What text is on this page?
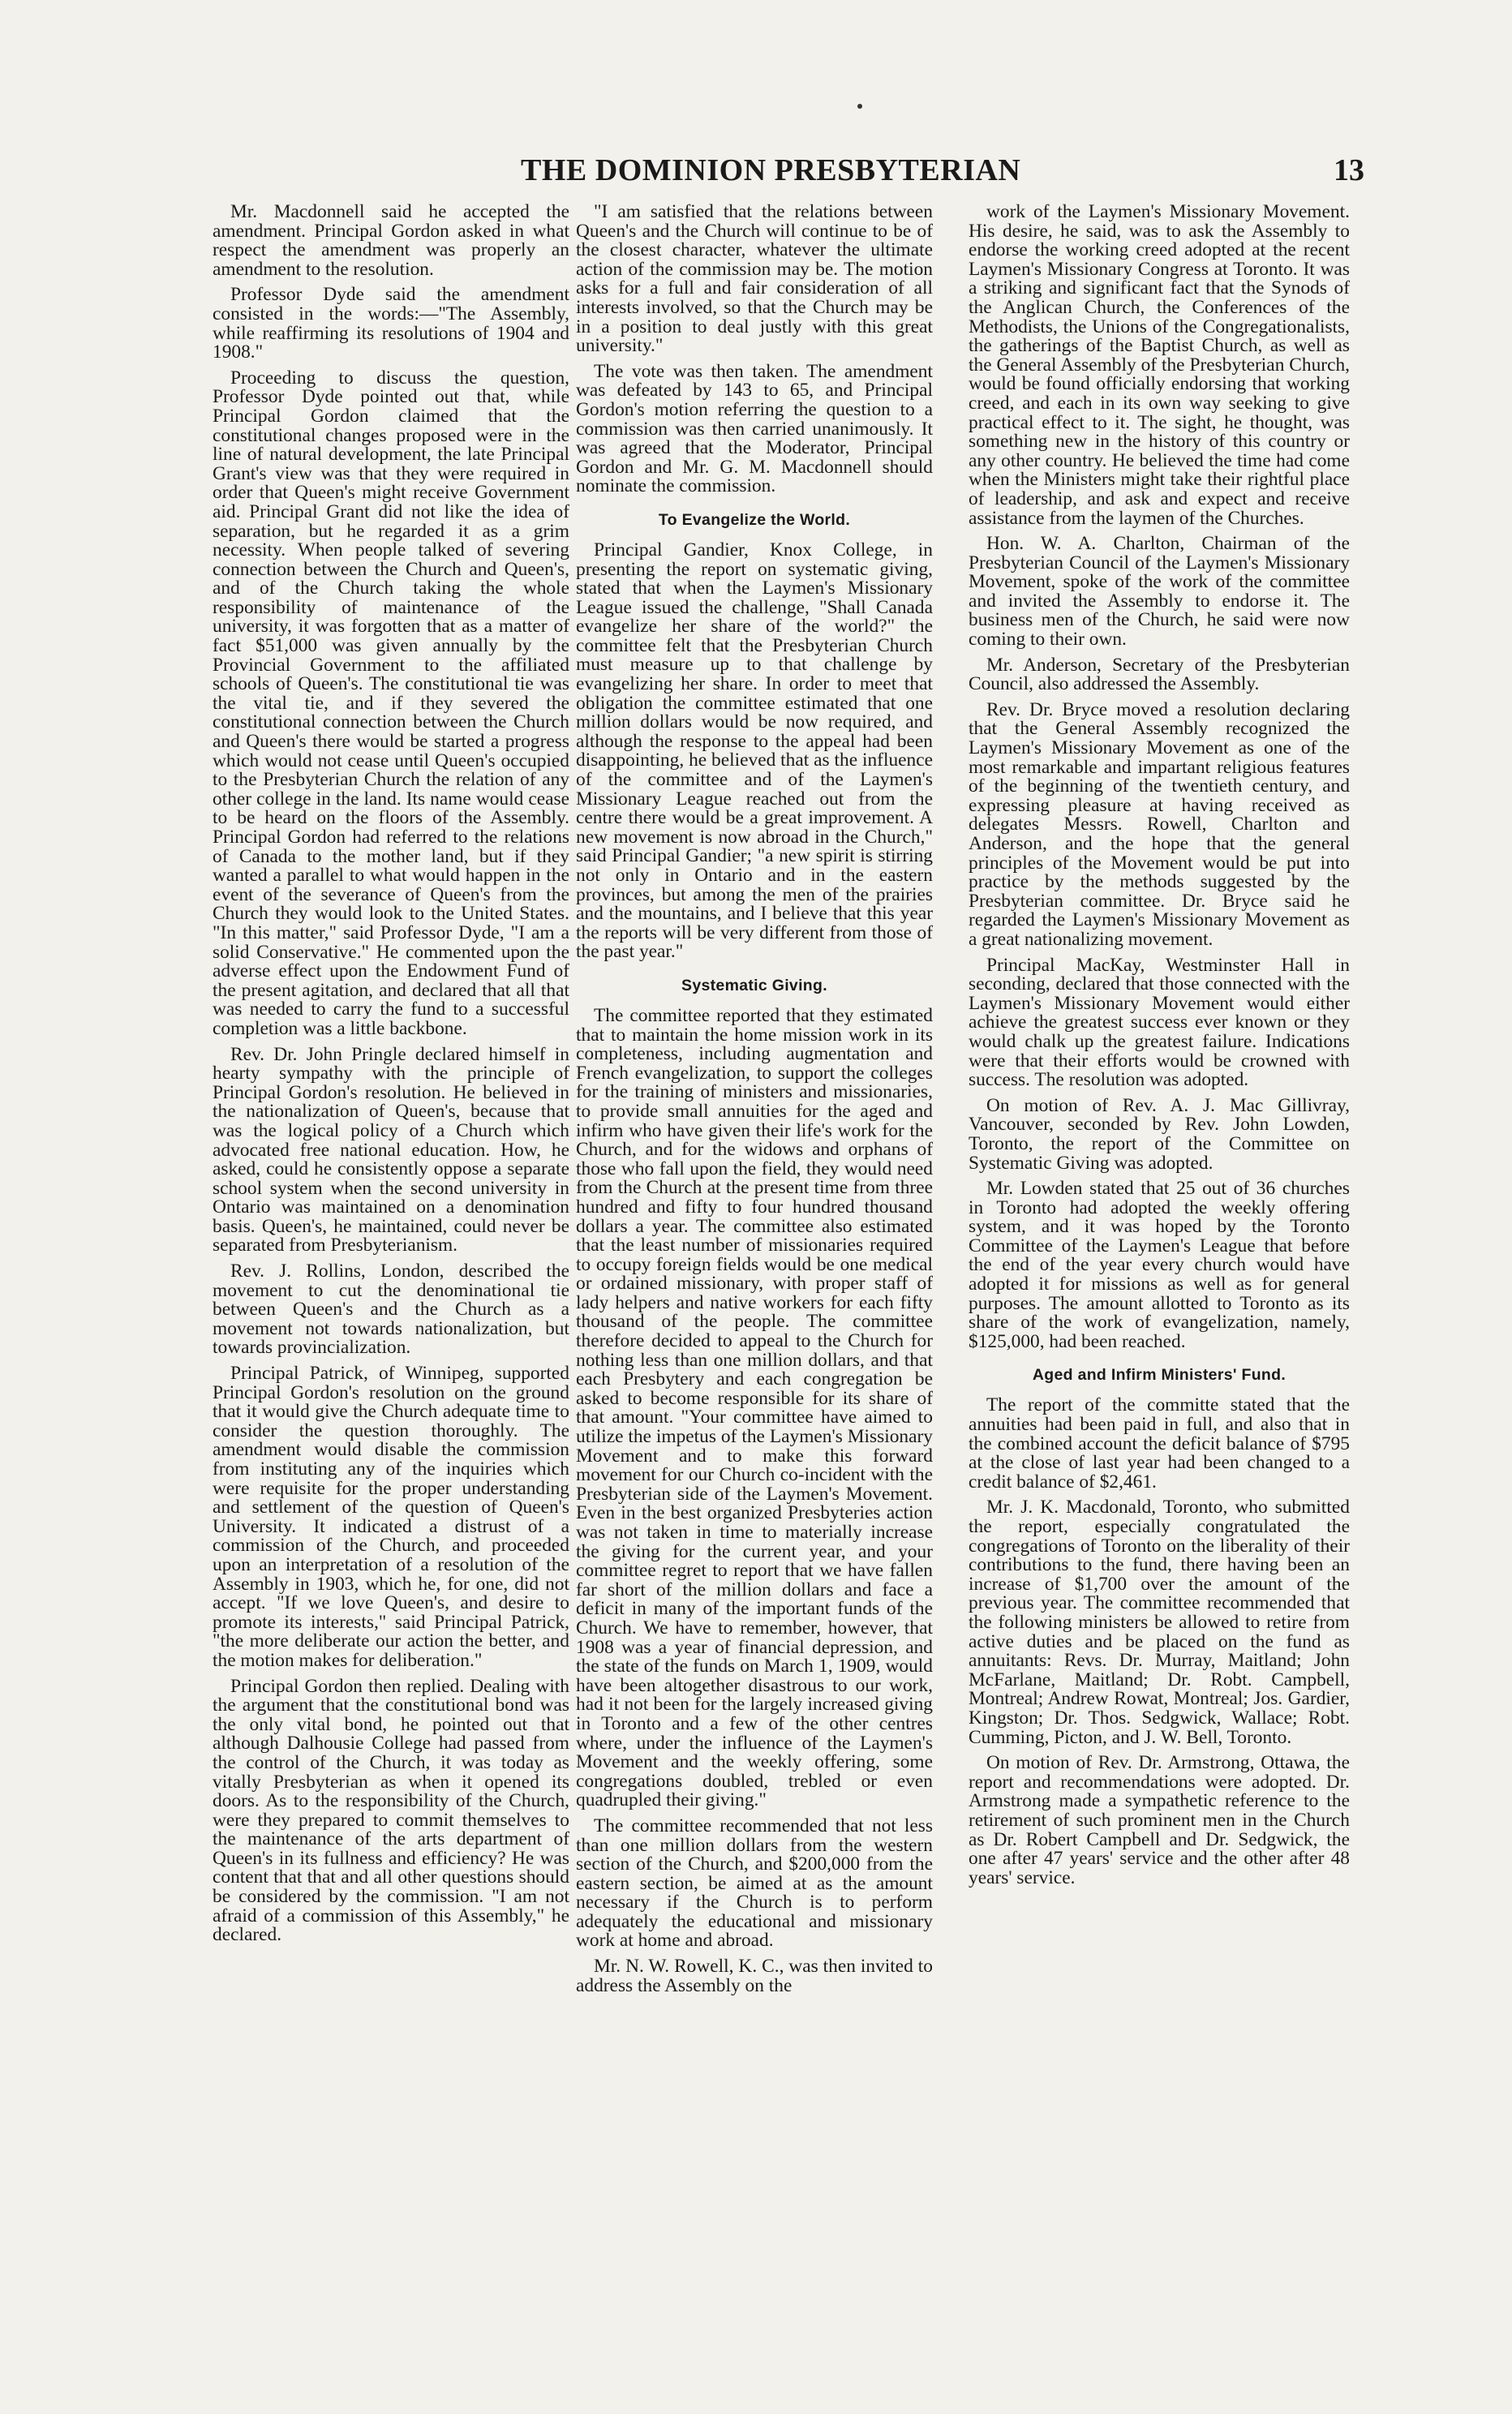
THE DOMINION PRESBYTERIAN	13

Mr. Macdonnell said he accepted the amendment. Principal Gordon asked in what respect the amendment was properly an amendment to the resolution.

Professor Dyde said the amendment consisted in the words:—"The Assembly, while reaffirming its resolutions of 1904 and 1908."

Proceeding to discuss the question, Professor Dyde pointed out that, while Principal Gordon claimed that the constitutional changes proposed were in the line of natural development, the late Principal Grant's view was that they were required in order that Queen's might receive Government aid. Principal Grant did not like the idea of separation, but he regarded it as a grim necessity. When people talked of severing connection between the Church and Queen's, and of the Church taking the whole responsibility of maintenance of the university, it was forgotten that as a matter of fact $51,000 was given annually by the Provincial Government to the affiliated schools of Queen's. The constitutional tie was the vital tie, and if they severed the constitutional connection between the Church and Queen's there would be started a progress which would not cease until Queen's occupied to the Presbyterian Church the relation of any other college in the land. Its name would cease to be heard on the floors of the Assembly. Principal Gordon had referred to the relations of Canada to the mother land, but if they wanted a parallel to what would happen in the event of the severance of Queen's from the Church they would look to the United States. "In this matter," said Professor Dyde, "I am a solid Conservative." He commented upon the adverse effect upon the Endowment Fund of the present agitation, and declared that all that was needed to carry the fund to a successful completion was a little backbone.

Rev. Dr. John Pringle declared himself in hearty sympathy with the principle of Principal Gordon's resolution. He believed in the nationalization of Queen's, because that was the logical policy of a Church which advocated free national education. How, he asked, could he consistently oppose a separate school system when the second university in Ontario was maintained on a denomination basis. Queen's, he maintained, could never be separated from Presbyterianism.

Rev. J. Rollins, London, described the movement to cut the denominational tie between Queen's and the Church as a movement not towards nationalization, but towards provincialization.

Principal Patrick, of Winnipeg, supported Principal Gordon's resolution on the ground that it would give the Church adequate time to consider the question thoroughly. The amendment would disable the commission from instituting any of the inquiries which were requisite for the proper understanding and settlement of the question of Queen's University. It indicated a distrust of a commission of the Church, and proceeded upon an interpretation of a resolution of the Assembly in 1903, which he, for one, did not accept. "If we love Queen's, and desire to promote its interests," said Principal Patrick, "the more deliberate our action the better, and the motion makes for deliberation."

Principal Gordon then replied. Dealing with the argument that the constitutional bond was the only vital bond, he pointed out that although Dalhousie College had passed from the control of the Church, it was today as vitally Presbyterian as when it opened its doors. As to the responsibility of the Church, were they prepared to commit themselves to the maintenance of the arts department of Queen's in its fullness and efficiency? He was content that that and all other questions should be considered by the commission. "I am not afraid of a commission of this Assembly," he declared.

"I am satisfied that the relations between Queen's and the Church will continue to be of the closest character, whatever the ultimate action of the commission may be. The motion asks for a full and fair consideration of all interests involved, so that the Church may be in a position to deal justly with this great university."

The vote was then taken. The amendment was defeated by 143 to 65, and Principal Gordon's motion referring the question to a commission was then carried unanimously. It was agreed that the Moderator, Principal Gordon and Mr. G. M. Macdonnell should nominate the commission.

To Evangelize the World.

Principal Gandier, Knox College, in presenting the report on systematic giving, stated that when the Laymen's Missionary League issued the challenge, "Shall Canada evangelize her share of the world?" the committee felt that the Presbyterian Church must measure up to that challenge by evangelizing her share. In order to meet that obligation the committee estimated that one million dollars would be now required, and although the response to the appeal had been disappointing, he believed that as the influence of the committee and of the Laymen's Missionary League reached out from the centre there would be a great improvement. A new movement is now abroad in the Church," said Principal Gandier; "a new spirit is stirring not only in Ontario and in the eastern provinces, but among the men of the prairies and the mountains, and I believe that this year the reports will be very different from those of the past year."

Systematic Giving.

The committee reported that they estimated that to maintain the home mission work in its completeness, including augmentation and French evangelization, to support the colleges for the training of ministers and missionaries, to provide small annuities for the aged and infirm who have given their life's work for the Church, and for the widows and orphans of those who fall upon the field, they would need from the Church at the present time from three hundred and fifty to four hundred thousand dollars a year. The committee also estimated that the least number of missionaries required to occupy foreign fields would be one medical or ordained missionary, with proper staff of lady helpers and native workers for each fifty thousand of the people. The committee therefore decided to appeal to the Church for nothing less than one million dollars, and that each Presbytery and each congregation be asked to become responsible for its share of that amount. "Your committee have aimed to utilize the impetus of the Laymen's Missionary Movement and to make this forward movement for our Church co-incident with the Presbyterian side of the Laymen's Movement. Even in the best organized Presbyteries action was not taken in time to materially increase the giving for the current year, and your committee regret to report that we have fallen far short of the million dollars and face a deficit in many of the important funds of the Church. We have to remember, however, that 1908 was a year of financial depression, and the state of the funds on March 1, 1909, would have been altogether disastrous to our work, had it not been for the largely increased giving in Toronto and a few of the other centres where, under the influence of the Laymen's Movement and the weekly offering, some congregations doubled, trebled or even quadrupled their giving."

The committee recommended that not less than one million dollars from the western section of the Church, and $200,000 from the eastern section, be aimed at as the amount necessary if the Church is to perform adequately the educational and missionary work at home and abroad.

Mr. N. W. Rowell, K. C., was then invited to address the Assembly on the

work of the Laymen's Missionary Movement. His desire, he said, was to ask the Assembly to endorse the working creed adopted at the recent Laymen's Missionary Congress at Toronto. It was a striking and significant fact that the Synods of the Anglican Church, the Conferences of the Methodists, the Unions of the Congregationalists, the gatherings of the Baptist Church, as well as the General Assembly of the Presbyterian Church, would be found officially endorsing that working creed, and each in its own way seeking to give practical effect to it. The sight, he thought, was something new in the history of this country or any other country. He believed the time had come when the Ministers might take their rightful place of leadership, and ask and expect and receive assistance from the laymen of the Churches.

Hon. W. A. Charlton, Chairman of the Presbyterian Council of the Laymen's Missionary Movement, spoke of the work of the committee and invited the Assembly to endorse it. The business men of the Church, he said were now coming to their own.

Mr. Anderson, Secretary of the Presbyterian Council, also addressed the Assembly.

Rev. Dr. Bryce moved a resolution declaring that the General Assembly recognized the Laymen's Missionary Movement as one of the most remarkable and impartant religious features of the beginning of the twentieth century, and expressing pleasure at having received as delegates Messrs. Rowell, Charlton and Anderson, and the hope that the general principles of the Movement would be put into practice by the methods suggested by the Presbyterian committee. Dr. Bryce said he regarded the Laymen's Missionary Movement as a great nationalizing movement.

Principal MacKay, Westminster Hall in seconding, declared that those connected with the Laymen's Missionary Movement would either achieve the greatest success ever known or they would chalk up the greatest failure. Indications were that their efforts would be crowned with success. The resolution was adopted.

On motion of Rev. A. J. Mac Gillivray, Vancouver, seconded by Rev. John Lowden, Toronto, the report of the Committee on Systematic Giving was adopted.

Mr. Lowden stated that 25 out of 36 churches in Toronto had adopted the weekly offering system, and it was hoped by the Toronto Committee of the Laymen's League that before the end of the year every church would have adopted it for missions as well as for general purposes. The amount allotted to Toronto as its share of the work of evangelization, namely, $125,000, had been reached.

Aged and Infirm Ministers' Fund.

The report of the committe stated that the annuities had been paid in full, and also that in the combined account the deficit balance of $795 at the close of last year had been changed to a credit balance of $2,461.

Mr. J. K. Macdonald, Toronto, who submitted the report, especially congratulated the congregations of Toronto on the liberality of their contributions to the fund, there having been an increase of $1,700 over the amount of the previous year. The committee recommended that the following ministers be allowed to retire from active duties and be placed on the fund as annuitants: Revs. Dr. Murray, Maitland; John McFarlane, Maitland; Dr. Robt. Campbell, Montreal; Andrew Rowat, Montreal; Jos. Gardier, Kingston; Dr. Thos. Sedgwick, Wallace; Robt. Cumming, Picton, and J. W. Bell, Toronto.

On motion of Rev. Dr. Armstrong, Ottawa, the report and recommendations were adopted. Dr. Armstrong made a sympathetic reference to the retirement of such prominent men in the Church as Dr. Robert Campbell and Dr. Sedgwick, the one after 47 years' service and the other after 48 years' service.
